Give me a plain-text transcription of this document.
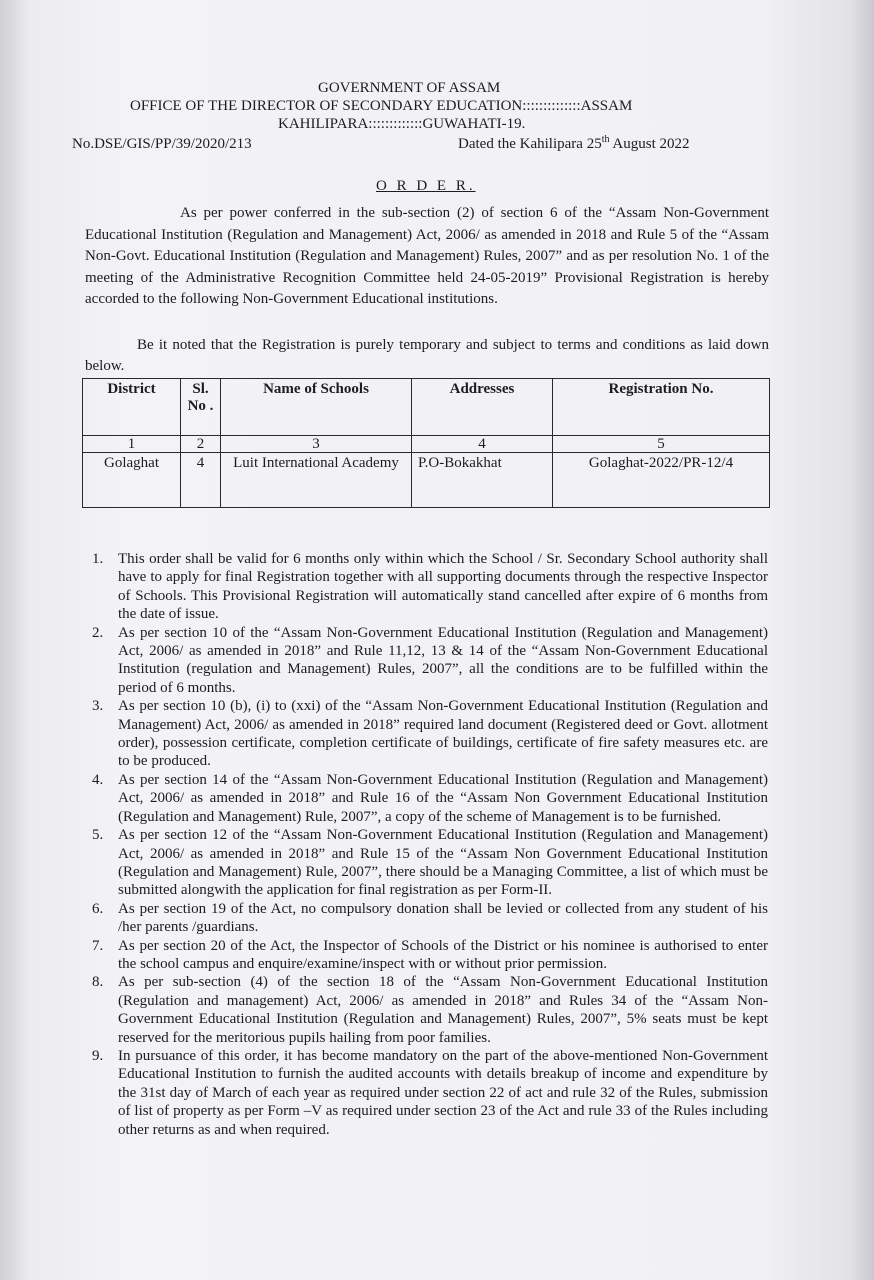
GOVERNMENT OF ASSAM
OFFICE OF THE DIRECTOR OF SECONDARY EDUCATION::::::::::::::ASSAM
KAHILIPARA:::::::::::::GUWAHATI-19.
No.DSE/GIS/PP/39/2020/213	Dated the Kahilipara 25th August 2022
O R D E R.
As per power conferred in the sub-section (2) of section 6 of the “Assam Non-Government Educational Institution (Regulation and Management) Act, 2006/ as amended in 2018 and Rule 5 of the “Assam Non-Govt. Educational Institution (Regulation and Management) Rules, 2007” and as per resolution No. 1 of the meeting of the Administrative Recognition Committee held 24-05-2019” Provisional Registration is hereby accorded to the following Non-Government Educational institutions.
Be it noted that the Registration is purely temporary and subject to terms and conditions as laid down below.
District	Sl. No .	Name of Schools	Addresses	Registration No.
1	2	3	4	5
Golaghat	4	Luit International Academy	P.O-Bokakhat	Golaghat-2022/PR-12/4
1. This order shall be valid for 6 months only within which the School / Sr. Secondary School authority shall have to apply for final Registration together with all supporting documents through the respective Inspector of Schools. This Provisional Registration will automatically stand cancelled after expire of 6 months from the date of issue.
2. As per section 10 of the “Assam Non-Government Educational Institution (Regulation and Management) Act, 2006/ as amended in 2018” and Rule 11,12, 13 & 14 of the “Assam Non-Government Educational Institution (regulation and Management) Rules, 2007”, all the conditions are to be fulfilled within the period of 6 months.
3. As per section 10 (b), (i) to (xxi) of the “Assam Non-Government Educational Institution (Regulation and Management) Act, 2006/ as amended in 2018” required land document (Registered deed or Govt. allotment order), possession certificate, completion certificate of buildings, certificate of fire safety measures etc. are to be produced.
4. As per section 14 of the “Assam Non-Government Educational Institution (Regulation and Management) Act, 2006/ as amended in 2018” and Rule 16 of the “Assam Non Government Educational Institution (Regulation and Management) Rule, 2007”, a copy of the scheme of Management is to be furnished.
5. As per section 12 of the “Assam Non-Government Educational Institution (Regulation and Management) Act, 2006/ as amended in 2018” and Rule 15 of the “Assam Non Government Educational Institution (Regulation and Management) Rule, 2007”, there should be a Managing Committee, a list of which must be submitted alongwith the application for final registration as per Form-II.
6. As per section 19 of the Act, no compulsory donation shall be levied or collected from any student of his /her parents /guardians.
7. As per section 20 of the Act, the Inspector of Schools of the District or his nominee is authorised to enter the school campus and enquire/examine/inspect with or without prior permission.
8. As per sub-section (4) of the section 18 of the “Assam Non-Government Educational Institution (Regulation and management) Act, 2006/ as amended in 2018” and Rules 34 of the “Assam Non-Government Educational Institution (Regulation and Management) Rules, 2007”, 5% seats must be kept reserved for the meritorious pupils hailing from poor families.
9. In pursuance of this order, it has become mandatory on the part of the above-mentioned Non-Government Educational Institution to furnish the audited accounts with details breakup of income and expenditure by the 31st day of March of each year as required under section 22 of act and rule 32 of the Rules, submission of list of property as per Form –V as required under section 23 of the Act and rule 33 of the Rules including other returns as and when required.
